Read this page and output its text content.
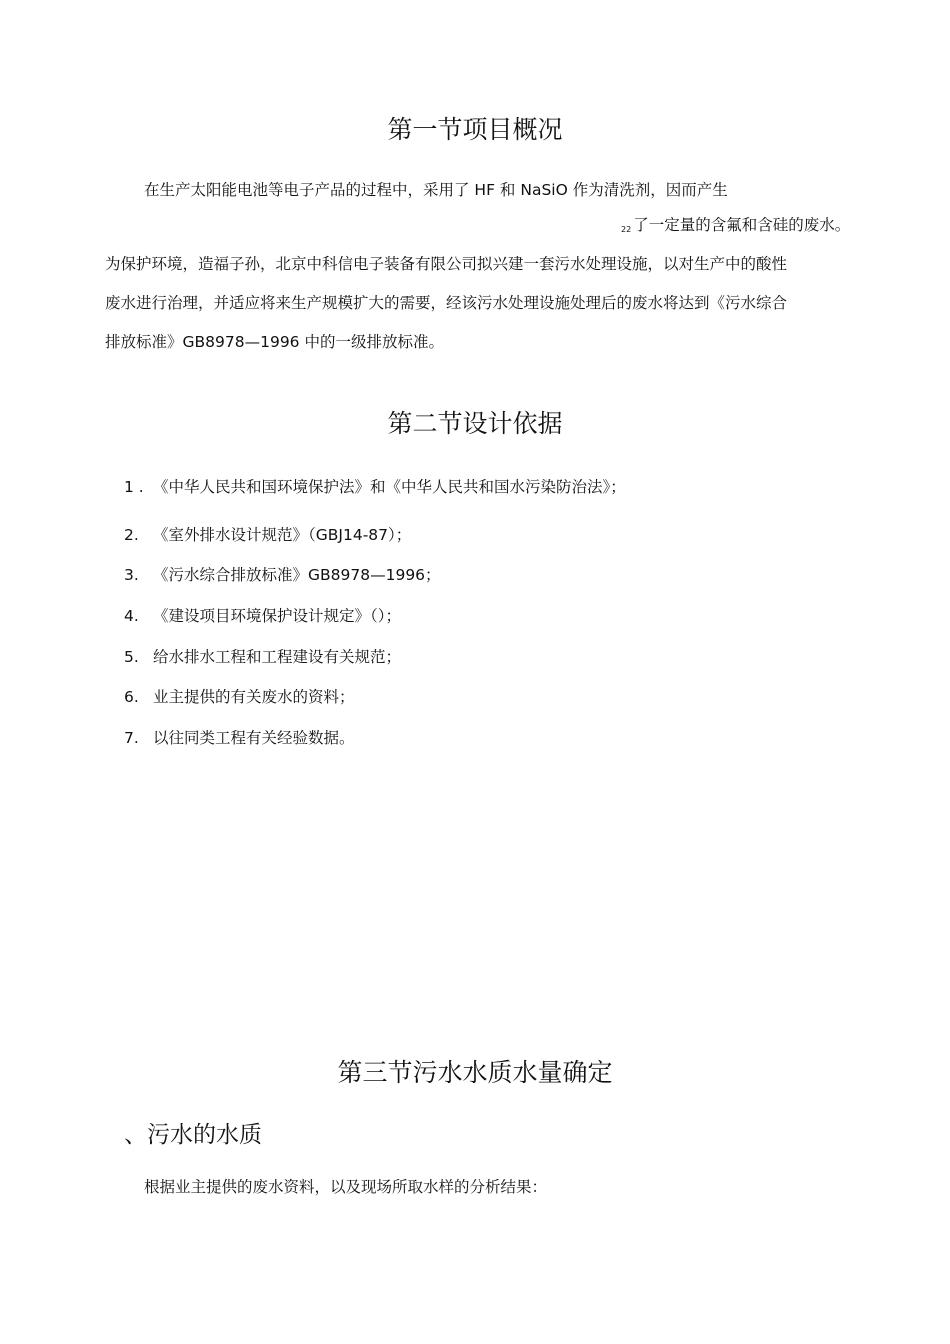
第一节项目概况
在生产太阳能电池等电子产品的过程中，采用了 HF 和 NaSiO 作为清洗剂，因而产生
22 了一定量的含氟和含硅的废水。
为保护环境，造福子孙，北京中科信电子装备有限公司拟兴建一套污水处理设施，以对生产中的酸性
废水进行治理，并适应将来生产规模扩大的需要，经该污水处理设施处理后的废水将达到《污水综合
排放标准》GB8978—1996 中的一级排放标准。
第二节设计依据
1 . 《中华人民共和国环境保护法》和《中华人民共和国水污染防治法》；
2. 《室外排水设计规范》（GBJ14-87）；
3. 《污水综合排放标准》GB8978—1996；
4. 《建设项目环境保护设计规定》（）；
5. 给水排水工程和工程建设有关规范；
6. 业主提供的有关废水的资料；
7. 以往同类工程有关经验数据。
第三节污水水质水量确定
、污水的水质
根据业主提供的废水资料，以及现场所取水样的分析结果：
